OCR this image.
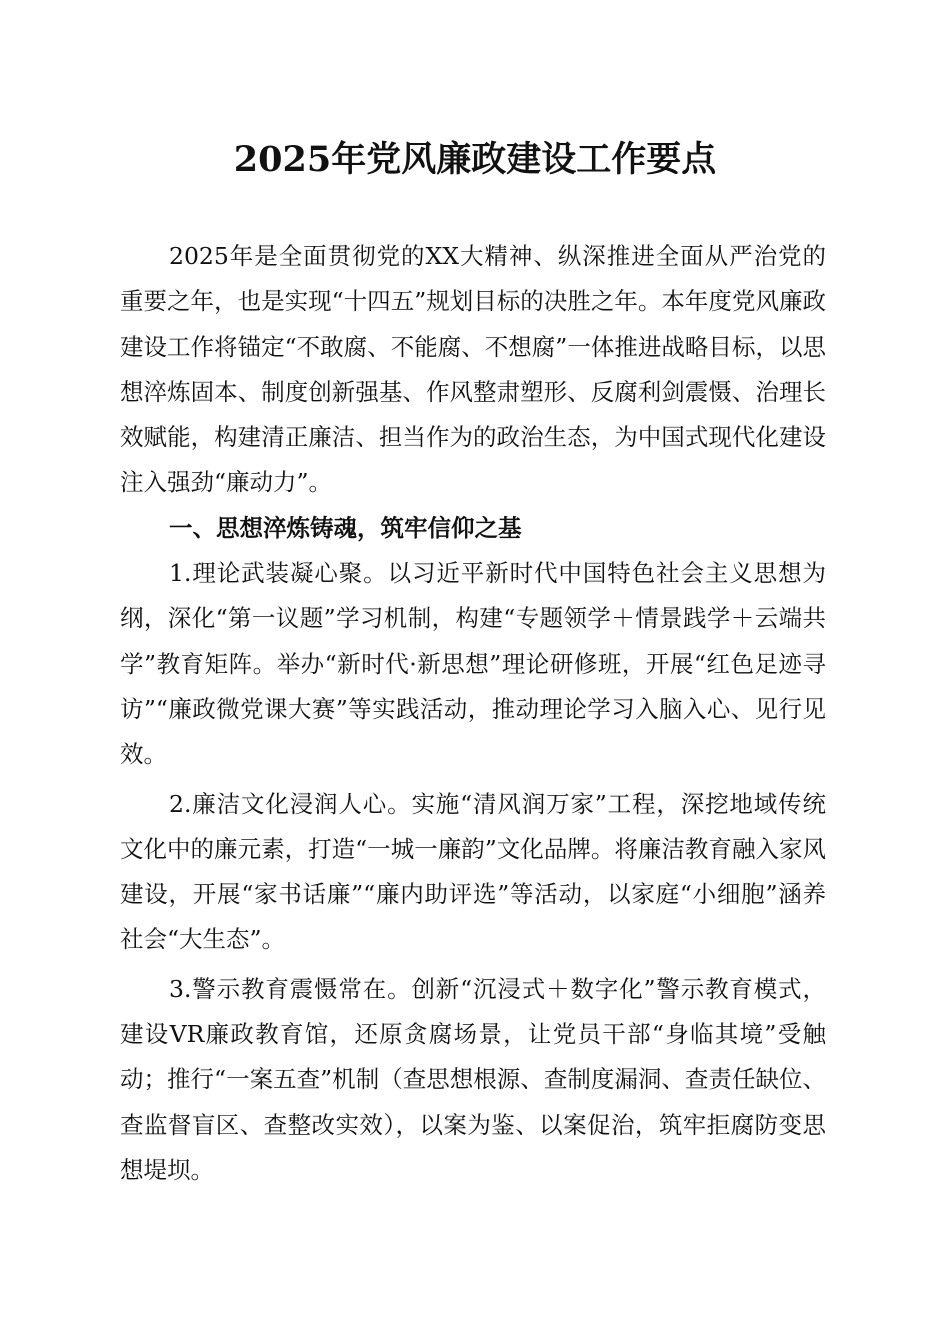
2025年党风廉政建设工作要点

2025年是全面贯彻党的XX大精神、纵深推进全面从严治党的重要之年，也是实现“十四五”规划目标的决胜之年。本年度党风廉政建设工作将锚定“不敢腐、不能腐、不想腐”一体推进战略目标，以思想淬炼固本、制度创新强基、作风整肃塑形、反腐利剑震慑、治理长效赋能，构建清正廉洁、担当作为的政治生态，为中国式现代化建设注入强劲“廉动力”。

一、思想淬炼铸魂，筑牢信仰之基

1.理论武装凝心聚。以习近平新时代中国特色社会主义思想为纲，深化“第一议题”学习机制，构建“专题领学＋情景践学＋云端共学”教育矩阵。举办“新时代·新思想”理论研修班，开展“红色足迹寻访”“廉政微党课大赛”等实践活动，推动理论学习入脑入心、见行见效。

2.廉洁文化浸润人心。实施“清风润万家”工程，深挖地域传统文化中的廉元素，打造“一城一廉韵”文化品牌。将廉洁教育融入家风建设，开展“家书话廉”“廉内助评选”等活动，以家庭“小细胞”涵养社会“大生态”。

3.警示教育震慑常在。创新“沉浸式＋数字化”警示教育模式，建设VR廉政教育馆，还原贪腐场景，让党员干部“身临其境”受触动；推行“一案五查”机制（查思想根源、查制度漏洞、查责任缺位、查监督盲区、查整改实效），以案为鉴、以案促治，筑牢拒腐防变思想堤坝。
